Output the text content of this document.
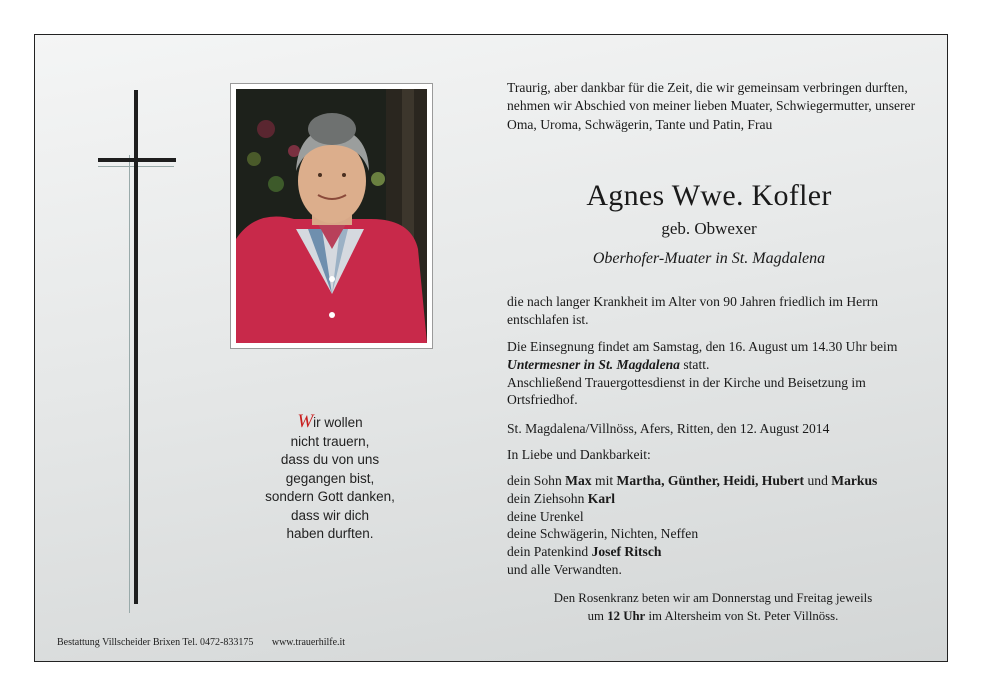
Wir wollen
nicht trauern,
dass du von uns
gegangen bist,
sondern Gott danken,
dass wir dich
haben durften.

Traurig, aber dankbar für die Zeit, die wir gemeinsam verbringen durften, nehmen wir Abschied von meiner lieben Muater, Schwiegermutter, unserer Oma, Uroma, Schwägerin, Tante und Patin, Frau

Agnes Wwe. Kofler
geb. Obwexer
Oberhofer-Muater in St. Magdalena

die nach langer Krankheit im Alter von 90 Jahren friedlich im Herrn entschlafen ist.

Die Einsegnung findet am Samstag, den 16. August um 14.30 Uhr beim Untermesner in St. Magdalena statt.

Anschließend Trauergottesdienst in der Kirche und Beisetzung im Ortsfriedhof.

St. Magdalena/Villnöss, Afers, Ritten, den 12. August 2014
In Liebe und Dankbarkeit:

dein Sohn Max mit Martha, Günther, Heidi, Hubert und Markus

dein Ziehsohn Karl

deine Urenkel

deine Schwägerin, Nichten, Neffen

dein Patenkind Josef Ritsch

und alle Verwandten.

Den Rosenkranz beten wir am Donnerstag und Freitag jeweils
um 12 Uhr im Altersheim von St. Peter Villnöss.
Bestattung Villscheider Brixen Tel. 0472-833175 www.trauerhilfe.it
